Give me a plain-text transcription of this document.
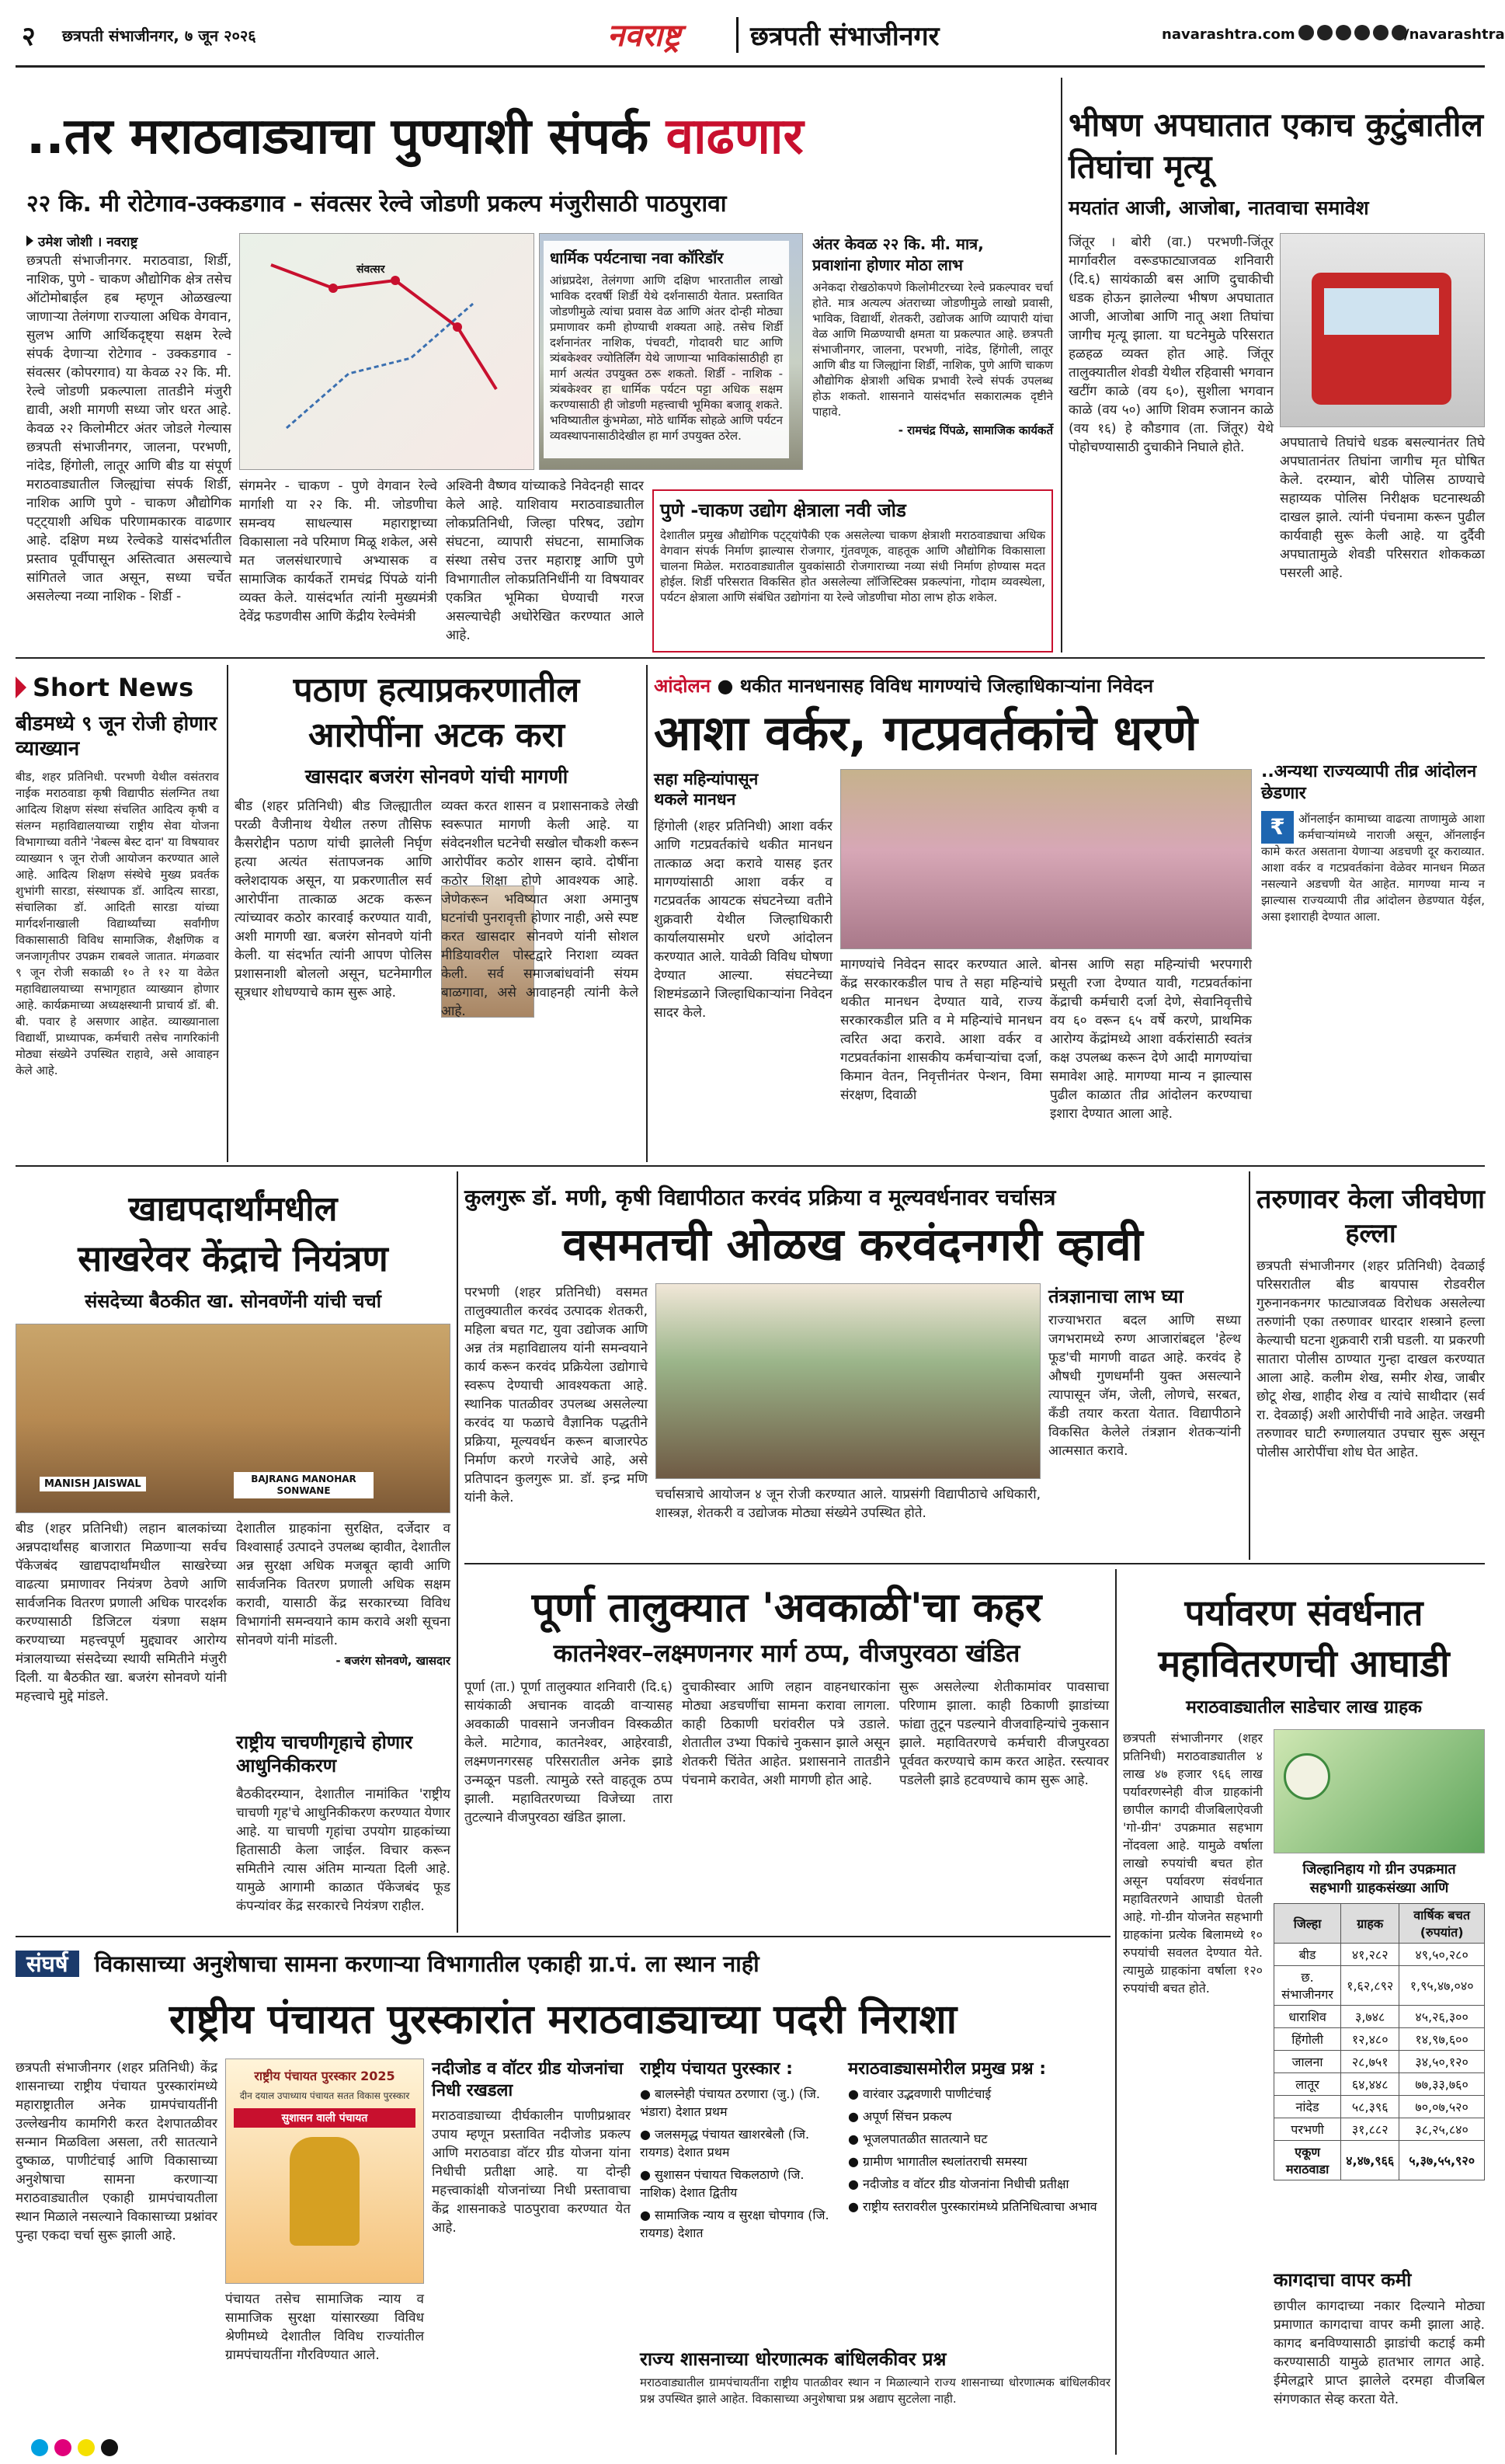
२ छत्रपती संभाजीनगर, ७ जून २०२६	नवराष्ट्र	छत्रपती संभाजीनगर	navarashtra.com	/navarashtra
..तर मराठवाड्याचा पुण्याशी संपर्क वाढणार
२२ कि. मी रोटेगाव-उक्कडगाव - संवत्सर रेल्वे जोडणी प्रकल्प मंजुरीसाठी पाठपुरावा
उमेश जोशी । नवराष्ट्र
छत्रपती संभाजीनगर. मराठवाडा, शिर्डी, नाशिक, पुणे - चाकण औद्योगिक क्षेत्र तसेच ऑटोमोबाईल हब म्हणून ओळखल्या जाणाऱ्या तेलंगणा राज्याला अधिक वेगवान, सुलभ आणि आर्थिकदृष्ट्या सक्षम रेल्वे संपर्क देणाऱ्या रोटेगाव - उक्कडगाव - संवत्सर (कोपरगाव) या केवळ २२ कि. मी. रेल्वे जोडणी प्रकल्पाला तातडीने मंजुरी द्यावी, अशी मागणी सध्या जोर धरत आहे. केवळ २२ किलोमीटर अंतर जोडले गेल्यास छत्रपती संभाजीनगर, जालना, परभणी, नांदेड, हिंगोली, लातूर आणि बीड या संपूर्ण मराठवाड्यातील जिल्ह्यांचा संपर्क शिर्डी, नाशिक आणि पुणे - चाकण औद्योगिक पट्ट्याशी अधिक परिणामकारक वाढणार आहे. दक्षिण मध्य रेल्वेकडे यासंदर्भातील प्रस्ताव पूर्वीपासून अस्तित्वात असल्याचे सांगितले जात असून, सध्या चर्चेत असलेल्या नव्या नाशिक - शिर्डी -
संवत्सर
धार्मिक पर्यटनाचा नवा कॉरिडॉर
आंध्रप्रदेश, तेलंगणा आणि दक्षिण भारतातील लाखो भाविक दरवर्षी शिर्डी येथे दर्शनासाठी येतात. प्रस्तावित जोडणीमुळे त्यांचा प्रवास वेळ आणि अंतर दोन्ही मोठ्या प्रमाणावर कमी होण्याची शक्यता आहे. तसेच शिर्डी दर्शनानंतर नाशिक, पंचवटी, गोदावरी घाट आणि त्र्यंबकेश्वर ज्योतिर्लिंग येथे जाणाऱ्या भाविकांसाठीही हा मार्ग अत्यंत उपयुक्त ठरू शकतो. शिर्डी - नाशिक - त्र्यंबकेश्वर हा धार्मिक पर्यटन पट्टा अधिक सक्षम करण्यासाठी ही जोडणी महत्त्वाची भूमिका बजावू शकते. भविष्यातील कुंभमेळा, मोठे धार्मिक सोहळे आणि पर्यटन व्यवस्थापनासाठीदेखील हा मार्ग उपयुक्त ठरेल.
संगमनेर - चाकण - पुणे वेगवान रेल्वे मार्गाशी या २२ कि. मी. जोडणीचा समन्वय साधल्यास महाराष्ट्राच्या विकासाला नवे परिमाण मिळू शकेल, असे मत जलसंधारणाचे अभ्यासक व सामाजिक कार्यकर्ते रामचंद्र पिंपळे यांनी व्यक्त केले. यासंदर्भात त्यांनी मुख्यमंत्री देवेंद्र फडणवीस आणि केंद्रीय रेल्वेमंत्री
अश्विनी वैष्णव यांच्याकडे निवेदनही सादर केले आहे. याशिवाय मराठवाड्यातील लोकप्रतिनिधी, जिल्हा परिषद, उद्योग संघटना, व्यापारी संघटना, सामाजिक संस्था तसेच उत्तर महाराष्ट्र आणि पुणे विभागातील लोकप्रतिनिधींनी या विषयावर एकत्रित भूमिका घेण्याची गरज असल्याचेही अधोरेखित करण्यात आले आहे.
अंतर केवळ २२ कि. मी. मात्र,
प्रवाशांना होणार मोठा लाभ
अनेकदा रोखठोकपणे किलोमीटरच्या रेल्वे प्रकल्पावर चर्चा होते. मात्र अत्यल्प अंतराच्या जोडणीमुळे लाखो प्रवासी, भाविक, विद्यार्थी, शेतकरी, उद्योजक आणि व्यापारी यांचा वेळ आणि मिळण्याची क्षमता या प्रकल्पात आहे. छत्रपती संभाजीनगर, जालना, परभणी, नांदेड, हिंगोली, लातूर आणि बीड या जिल्ह्यांना शिर्डी, नाशिक, पुणे आणि चाकण औद्योगिक क्षेत्राशी अधिक प्रभावी रेल्वे संपर्क उपलब्ध होऊ शकतो. शासनाने यासंदर्भात सकारात्मक दृष्टीने पाहावे.
- रामचंद्र पिंपळे, सामाजिक कार्यकर्ते
पुणे -चाकण उद्योग क्षेत्राला नवी जोड
देशातील प्रमुख औद्योगिक पट्ट्यांपैकी एक असलेल्या चाकण क्षेत्राशी मराठवाड्याचा अधिक वेगवान संपर्क निर्माण झाल्यास रोजगार, गुंतवणूक, वाहतूक आणि औद्योगिक विकासाला चालना मिळेल. मराठवाड्यातील युवकांसाठी रोजगाराच्या नव्या संधी निर्माण होण्यास मदत होईल. शिर्डी परिसरात विकसित होत असलेल्या लॉजिस्टिक्स प्रकल्पांना, गोदाम व्यवस्थेला, पर्यटन क्षेत्राला आणि संबंधित उद्योगांना या रेल्वे जोडणीचा मोठा लाभ होऊ शकेल.
भीषण अपघातात एकाच कुटुंबातील तिघांचा मृत्यू
मयतांत आजी, आजोबा, नातवाचा समावेश
जिंतूर । बोरी (वा.) परभणी-जिंतूर मार्गावरील वरूडफाट्याजवळ शनिवारी (दि.६) सायंकाळी बस आणि दुचाकीची धडक होऊन झालेल्या भीषण अपघातात आजी, आजोबा आणि नातू अशा तिघांचा जागीच मृत्यू झाला. या घटनेमुळे परिसरात हळहळ व्यक्त होत आहे. जिंतूर तालुक्यातील शेवडी येथील रहिवासी भगवान खटींग काळे (वय ६०), सुशीला भगवान काळे (वय ५०) आणि शिवम रुजानन काळे (वय १६) हे कौडगाव (ता. जिंतूर) येथे पोहोचण्यासाठी दुचाकीने निघाले होते.	अपघाताचे तिघांचे धडक बसल्यानंतर तिघे अपघातानंतर तिघांना जागीच मृत घोषित केले. दरम्यान, बोरी पोलिस ठाण्याचे सहाय्यक पोलिस निरीक्षक घटनास्थळी दाखल झाले. त्यांनी पंचनामा करून पुढील कार्यवाही सुरू केली आहे. या दुर्दैवी अपघातामुळे शेवडी परिसरात शोककळा पसरली आहे.
Short News
बीडमध्ये ९ जून रोजी होणार व्याख्यान
बीड, शहर प्रतिनिधी. परभणी येथील वसंतराव नाईक मराठवाडा कृषी विद्यापीठ संलग्नित तथा आदित्य शिक्षण संस्था संचलित आदित्य कृषी व संलग्न महाविद्यालयाच्या राष्ट्रीय सेवा योजना विभागाच्या वतीने 'नेबल्स बेस्ट दान' या विषयावर व्याख्यान ९ जून रोजी आयोजन करण्यात आले आहे. आदित्य शिक्षण संस्थेचे मुख्य प्रवर्तक शुभांगी सारडा, संस्थापक डॉ. आदित्य सारडा, संचालिका डॉ. आदिती सारडा यांच्या मार्गदर्शनाखाली विद्यार्थ्यांच्या सर्वांगीण विकासासाठी विविध सामाजिक, शैक्षणिक व जनजागृतीपर उपक्रम राबवले जातात. मंगळवार ९ जून रोजी सकाळी १० ते १२ या वेळेत महाविद्यालयाच्या सभागृहात व्याख्यान होणार आहे. कार्यक्रमाच्या अध्यक्षस्थानी प्राचार्य डॉ. बी. बी. पवार हे असणार आहेत. व्याख्यानाला विद्यार्थी, प्राध्यापक, कर्मचारी तसेच नागरिकांनी मोठ्या संख्येने उपस्थित राहावे, असे आवाहन केले आहे.
पठाण हत्याप्रकरणातील आरोपींना अटक करा
खासदार बजरंग सोनवणे यांची मागणी
बीड (शहर प्रतिनिधी) बीड जिल्ह्यातील परळी वैजीनाथ येथील तरुण तौसिफ कैसरोद्दीन पठाण यांची झालेली निर्घृण हत्या अत्यंत संतापजनक आणि क्लेशदायक असून, या प्रकरणातील सर्व आरोपींना तात्काळ अटक करून त्यांच्यावर कठोर कारवाई करण्यात यावी, अशी मागणी खा. बजरंग सोनवणे यांनी केली. या संदर्भात त्यांनी आपण पोलिस प्रशासनाशी बोललो असून, घटनेमागील सूत्रधार शोधण्याचे काम सुरू आहे.
व्यक्त करत शासन व प्रशासनाकडे लेखी स्वरूपात मागणी केली आहे. या संवेदनशील घटनेची सखोल चौकशी करून आरोपींवर कठोर शासन व्हावे. दोषींना कठोर शिक्षा होणे आवश्यक आहे. जेणेकरून भविष्यात अशा अमानुष घटनांची पुनरावृत्ती होणार नाही, असे स्पष्ट करत खासदार सोनवणे यांनी सोशल मीडियावरील पोस्टद्वारे निराशा व्यक्त केली. सर्व समाजबांधवांनी संयम बाळगावा, असे आवाहनही त्यांनी केले आहे.
आंदोलन ● थकीत मानधनासह विविध मागण्यांचे जिल्हाधिकाऱ्यांना निवेदन
आशा वर्कर, गटप्रवर्तकांचे धरणे
सहा महिन्यांपासून
थकले मानधन
हिंगोली (शहर प्रतिनिधी) आशा वर्कर आणि गटप्रवर्तकांचे थकीत मानधन तात्काळ अदा करावे यासह इतर मागण्यांसाठी आशा वर्कर व गटप्रवर्तक आयटक संघटनेच्या वतीने शुक्रवारी येथील जिल्हाधिकारी कार्यालयासमोर धरणे आंदोलन करण्यात आले. यावेळी विविध घोषणा देण्यात आल्या. संघटनेच्या शिष्टमंडळाने जिल्हाधिकाऱ्यांना निवेदन सादर केले.
मागण्यांचे निवेदन सादर करण्यात आले. केंद्र सरकारकडील पाच ते सहा महिन्यांचे थकीत मानधन देण्यात यावे, राज्य सरकारकडील प्रति व मे महिन्यांचे मानधन त्वरित अदा करावे. आशा वर्कर व गटप्रवर्तकांना शासकीय कर्मचाऱ्यांचा दर्जा, किमान वेतन, निवृत्तीनंतर पेन्शन, विमा संरक्षण, दिवाळी
बोनस आणि सहा महिन्यांची भरपगारी प्रसूती रजा देण्यात यावी, गटप्रवर्तकांना केंद्राची कर्मचारी दर्जा देणे, सेवानिवृत्तीचे वय ६० वरून ६५ वर्षे करणे, प्राथमिक आरोग्य केंद्रांमध्ये आशा वर्करांसाठी स्वतंत्र कक्ष उपलब्ध करून देणे आदी मागण्यांचा समावेश आहे. मागण्या मान्य न झाल्यास पुढील काळात तीव्र आंदोलन करण्याचा इशारा देण्यात आला आहे.
..अन्यथा राज्यव्यापी तीव्र आंदोलन छेडणार
₹	ऑनलाईन कामाच्या वाढत्या ताणामुळे आशा कर्मचाऱ्यांमध्ये नाराजी असून, ऑनलाईन कामे करत असताना येणाऱ्या अडचणी दूर कराव्यात. आशा वर्कर व गटप्रवर्तकांना वेळेवर मानधन मिळत नसल्याने अडचणी येत आहेत. मागण्या मान्य न झाल्यास राज्यव्यापी तीव्र आंदोलन छेडण्यात येईल, असा इशाराही देण्यात आला.
खाद्यपदार्थांमधील
साखरेवर केंद्राचे नियंत्रण
संसदेच्या बैठकीत खा. सोनवणेंनी यांची चर्चा
MANISH JAISWAL	BAJRANG MANOHAR SONWANE
बीड (शहर प्रतिनिधी) लहान बालकांच्या अन्नपदार्थांसह बाजारात मिळणाऱ्या सर्वच पॅकेजबंद खाद्यपदार्थांमधील साखरेच्या वाढत्या प्रमाणावर नियंत्रण ठेवणे आणि सार्वजनिक वितरण प्रणाली अधिक पारदर्शक करण्यासाठी डिजिटल यंत्रणा सक्षम करण्याच्या महत्त्वपूर्ण मुद्द्यावर आरोग्य मंत्रालयाच्या संसदेच्या स्थायी समितीने मंजुरी दिली. या बैठकीत खा. बजरंग सोनवणे यांनी महत्त्वाचे मुद्दे मांडले.
देशातील ग्राहकांना सुरक्षित, दर्जेदार व विश्वासार्ह उत्पादने उपलब्ध व्हावीत, देशातील अन्न सुरक्षा अधिक मजबूत व्हावी आणि सार्वजनिक वितरण प्रणाली अधिक सक्षम करावी, यासाठी केंद्र सरकारच्या विविध विभागांनी समन्वयाने काम करावे अशी सूचना सोनवणे यांनी मांडली.
- बजरंग सोनवणे, खासदार
राष्ट्रीय चाचणीगृहाचे होणार आधुनिकीकरण
बैठकीदरम्यान, देशातील नामांकित 'राष्ट्रीय चाचणी गृह'चे आधुनिकीकरण करण्यात येणार आहे. या चाचणी गृहांचा उपयोग ग्राहकांच्या हितासाठी केला जाईल. विचार करून समितीने त्यास अंतिम मान्यता दिली आहे. यामुळे आगामी काळात पॅकेजबंद फूड कंपन्यांवर केंद्र सरकारचे नियंत्रण राहील.
कुलगुरू डॉ. मणी, कृषी विद्यापीठात करवंद प्रक्रिया व मूल्यवर्धनावर चर्चासत्र
वसमतची ओळख करवंदनगरी व्हावी
परभणी (शहर प्रतिनिधी) वसमत तालुक्यातील करवंद उत्पादक शेतकरी, महिला बचत गट, युवा उद्योजक आणि अन्न तंत्र महाविद्यालय यांनी समन्वयाने कार्य करून करवंद प्रक्रियेला उद्योगाचे स्वरूप देण्याची आवश्यकता आहे. स्थानिक पातळीवर उपलब्ध असलेल्या करवंद या फळाचे वैज्ञानिक पद्धतीने प्रक्रिया, मूल्यवर्धन करून बाजारपेठ निर्माण करणे गरजेचे आहे, असे प्रतिपादन कुलगुरू प्रा. डॉ. इन्द्र मणि यांनी केले.	चर्चासत्राचे आयोजन ४ जून रोजी करण्यात आले. याप्रसंगी विद्यापीठाचे अधिकारी, शास्त्रज्ञ, शेतकरी व उद्योजक मोठ्या संख्येने उपस्थित होते.
तंत्रज्ञानाचा लाभ घ्या
राज्याभरात बदल आणि सध्या जगभरामध्ये रुग्ण आजारांबद्दल 'हेल्थ फूड'ची मागणी वाढत आहे. करवंद हे औषधी गुणधर्मांनी युक्त असल्याने त्यापासून जॅम, जेली, लोणचे, सरबत, कँडी तयार करता येतात. विद्यापीठाने विकसित केलेले तंत्रज्ञान शेतकऱ्यांनी आत्मसात करावे.
तरुणावर केला जीवघेणा हल्ला
छत्रपती संभाजीनगर (शहर प्रतिनिधी) देवळाई परिसरातील बीड बायपास रोडवरील गुरुनानकनगर फाट्याजवळ विरोधक असलेल्या तरुणांनी एका तरुणावर धारदार शस्त्राने हल्ला केल्याची घटना शुक्रवारी रात्री घडली. या प्रकरणी सातारा पोलीस ठाण्यात गुन्हा दाखल करण्यात आला आहे. कलीम शेख, समीर शेख, जाबीर छोटू शेख, शाहीद शेख व त्यांचे साथीदार (सर्व रा. देवळाई) अशी आरोपींची नावे आहेत. जखमी तरुणावर घाटी रुग्णालयात उपचार सुरू असून पोलीस आरोपींचा शोध घेत आहेत.
पूर्णा तालुक्यात 'अवकाळी'चा कहर
कातनेश्वर–लक्ष्मणनगर मार्ग ठप्प, वीजपुरवठा खंडित
पूर्णा (ता.) पूर्णा तालुक्यात शनिवारी (दि.६) सायंकाळी अचानक वादळी वाऱ्यासह अवकाळी पावसाने जनजीवन विस्कळीत केले. माटेगाव, कातनेश्वर, आहेरवाडी, लक्ष्मणनगरसह परिसरातील अनेक झाडे उन्मळून पडली. त्यामुळे रस्ते वाहतूक ठप्प झाली. महावितरणच्या विजेच्या तारा तुटल्याने वीजपुरवठा खंडित झाला.
दुचाकीस्वार आणि लहान वाहनधारकांना मोठ्या अडचणींचा सामना करावा लागला. काही ठिकाणी घरांवरील पत्रे उडाले. शेतातील उभ्या पिकांचे नुकसान झाले असून शेतकरी चिंतेत आहेत. प्रशासनाने तातडीने पंचनामे करावेत, अशी मागणी होत आहे.
सुरू असलेल्या शेतीकामांवर पावसाचा परिणाम झाला. काही ठिकाणी झाडांच्या फांद्या तुटून पडल्याने वीजवाहिन्यांचे नुकसान झाले. महावितरणचे कर्मचारी वीजपुरवठा पूर्ववत करण्याचे काम करत आहेत. रस्त्यावर पडलेली झाडे हटवण्याचे काम सुरू आहे.
पर्यावरण संवर्धनात
महावितरणची आघाडी
मराठवाड्यातील साडेचार लाख ग्राहक
छत्रपती संभाजीनगर (शहर प्रतिनिधी) मराठवाड्यातील ४ लाख ४७ हजार ९६६ लाख पर्यावरणस्नेही वीज ग्राहकांनी छापील कागदी वीजबिलाऐवजी 'गो-ग्रीन' उपक्रमात सहभाग नोंदवला आहे. यामुळे वर्षाला लाखो रुपयांची बचत होत असून पर्यावरण संवर्धनात महावितरणने आघाडी घेतली आहे. गो-ग्रीन योजनेत सहभागी ग्राहकांना प्रत्येक बिलामध्ये १० रुपयांची सवलत देण्यात येते. त्यामुळे ग्राहकांना वर्षाला १२० रुपयांची बचत होते.
जिल्हानिहाय गो ग्रीन उपक्रमात
सहभागी ग्राहकसंख्या आणि
जिल्हा	ग्राहक	वार्षिक बचत (रुपयांत)
बीड	४१,२८२	४९,५०,२८०
छ. संभाजीनगर	१,६२,८९२	१,९५,४७,०४०
धाराशिव	३,७४८	४५,२६,३००
हिंगोली	१२,४८०	१४,९७,६००
जालना	२८,७५१	३४,५०,१२०
लातूर	६४,४४८	७७,३३,७६०
नांदेड	५८,३९६	७०,०७,५२०
परभणी	३१,८८२	३८,२५,८४०
एकूण मराठवाडा	४,४७,९६६	५,३७,५५,९२०
कागदाचा वापर कमी
छापील कागदाच्या नकार दिल्याने मोठ्या प्रमाणात कागदाचा वापर कमी झाला आहे. कागद बनविण्यासाठी झाडांची कटाई कमी करण्यासाठी यामुळे हातभार लागत आहे. ईमेलद्वारे प्राप्त झालेले दरमहा वीजबिल संगणकात सेव्ह करता येते.
संघर्ष विकासाच्या अनुशेषाचा सामना करणाऱ्या विभागातील एकाही ग्रा.पं. ला स्थान नाही
राष्ट्रीय पंचायत पुरस्कारांत मराठवाड्याच्या पदरी निराशा
छत्रपती संभाजीनगर (शहर प्रतिनिधी) केंद्र शासनाच्या राष्ट्रीय पंचायत पुरस्कारांमध्ये महाराष्ट्रातील अनेक ग्रामपंचायतींनी उल्लेखनीय कामगिरी करत देशपातळीवर सन्मान मिळविला असला, तरी सातत्याने दुष्काळ, पाणीटंचाई आणि विकासाच्या अनुशेषाचा सामना करणाऱ्या मराठवाड्यातील एकाही ग्रामपंचायतीला स्थान मिळाले नसल्याने विकासाच्या प्रश्नांवर पुन्हा एकदा चर्चा सुरू झाली आहे.
राष्ट्रीय पंचायत पुरस्कार 2025
दीन दयाल उपाध्याय पंचायत सतत विकास पुरस्कार
सुशासन वाली पंचायत
पंचायत तसेच सामाजिक न्याय व सामाजिक सुरक्षा यांसारख्या विविध श्रेणीमध्ये देशातील विविध राज्यांतील ग्रामपंचायतींना गौरविण्यात आले.
नदीजोड व वॉटर ग्रीड योजनांचा निधी रखडला
मराठवाड्याच्या दीर्घकालीन पाणीप्रश्नावर उपाय म्हणून प्रस्तावित नदीजोड प्रकल्प आणि मराठवाडा वॉटर ग्रीड योजना यांना निधीची प्रतीक्षा आहे. या दोन्ही महत्त्वाकांक्षी योजनांच्या निधी प्रस्तावाचा केंद्र शासनाकडे पाठपुरावा करण्यात येत आहे.
राष्ट्रीय पंचायत पुरस्कार :
● बालस्नेही पंचायत ठरणारा (जु.) (जि. भंडारा) देशात प्रथम
● जलसमृद्ध पंचायत खाशरबेलौ (जि. रायगड) देशात प्रथम
● सुशासन पंचायत चिकलठाणे (जि. नाशिक) देशात द्वितीय
● सामाजिक न्याय व सुरक्षा चोपगाव (जि. रायगड) देशात
मराठवाड्यासमोरील प्रमुख प्रश्न :
● वारंवार उद्भवणारी पाणीटंचाई
● अपूर्ण सिंचन प्रकल्प
● भूजलपातळीत सातत्याने घट
● ग्रामीण भागातील स्थलांतराची समस्या
● नदीजोड व वॉटर ग्रीड योजनांना निधीची प्रतीक्षा
● राष्ट्रीय स्तरावरील पुरस्कारांमध्ये प्रतिनिधित्वाचा अभाव
राज्य शासनाच्या धोरणात्मक बांधिलकीवर प्रश्न
मराठवाड्यातील ग्रामपंचायतींना राष्ट्रीय पातळीवर स्थान न मिळाल्याने राज्य शासनाच्या धोरणात्मक बांधिलकीवर प्रश्न उपस्थित झाले आहेत. विकासाच्या अनुशेषाचा प्रश्न अद्याप सुटलेला नाही.
